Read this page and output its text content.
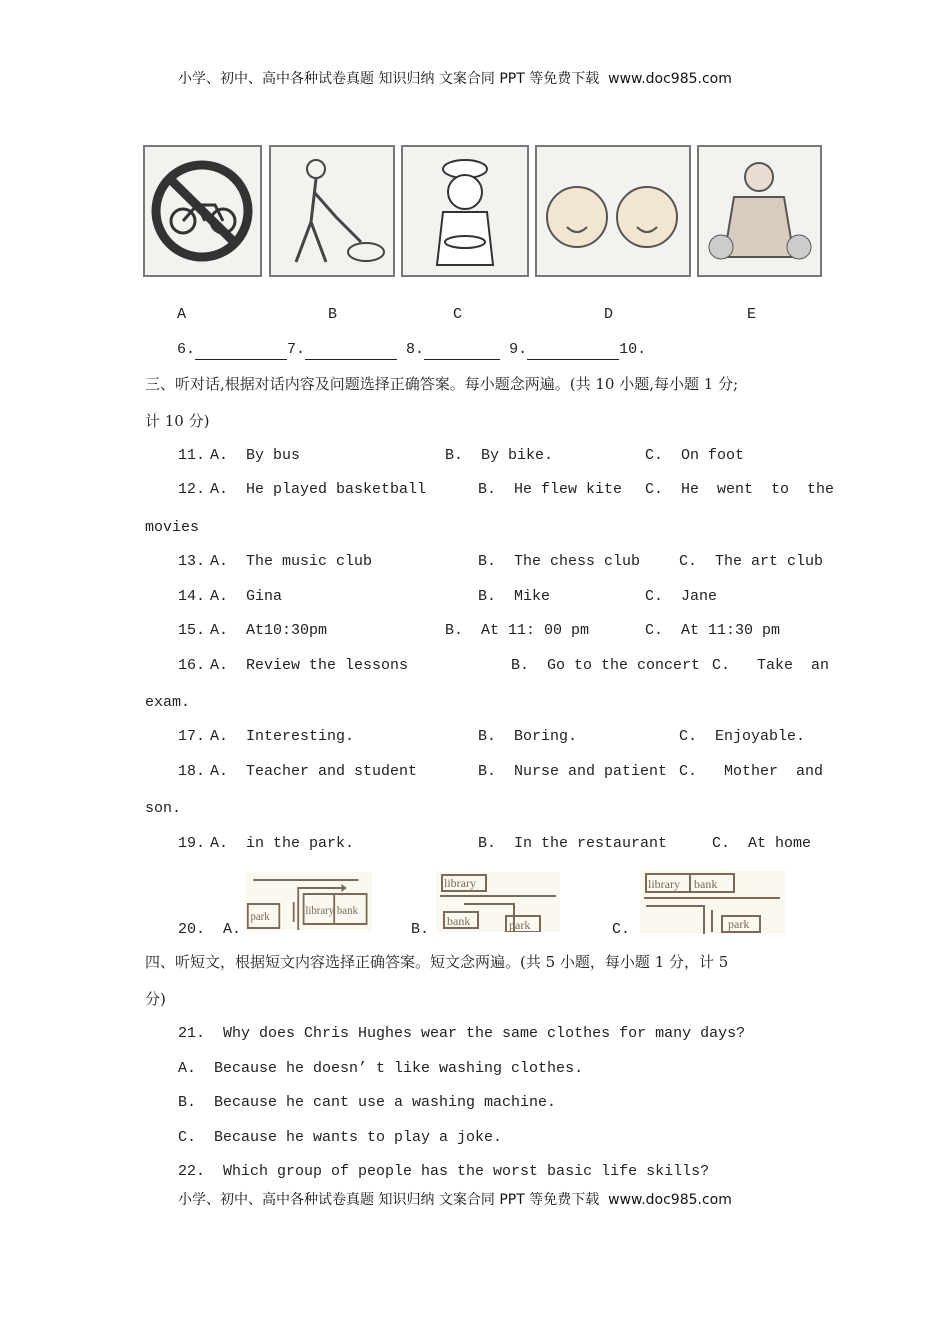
小学、初中、高中各种试卷真题 知识归纳 文案合同 PPT 等免费下载  www.doc985.com
A	B	C	D	E
6.	7.	8.	9.	10.
三、听对话,根据对话内容及问题选择正确答案。每小题念两遍。(共 10 小题,每小题 1 分;
计 10 分)
11. A.  By bus	B.  By bike.	C.  On foot
12. A.  He played basketball	B.  He flew kite C.  He  went  to  the
movies
13. A.  The music club	B.  The chess club	C.  The art club
14. A.  Gina	B.  Mike	C.  Jane
15. A.  At10:30pm	B.  At 11: 00 pm	C.  At 11:30 pm
16. A.  Review the lessons	B.  Go to the concert C.   Take  an
exam.
17. A.  Interesting.	B.  Boring.	C.  Enjoyable.
18. A.  Teacher and student	B.  Nurse and patient C.   Mother  and
son.
19. A.  in the park.	B.  In the restaurant	C.  At home
20.  A.
park	library bank
B.
library
bank	park	C.
library bank
park
四、听短文，根据短文内容选择正确答案。短文念两遍。(共 5 小题，每小题 1 分，计 5
分)
21.  Why does Chris Hughes wear the same clothes for many days?
A.  Because he doesn’ t like washing clothes.
B.  Because he cant use a washing machine.
C.  Because he wants to play a joke.
22.  Which group of people has the worst basic life skills?
小学、初中、高中各种试卷真题 知识归纳 文案合同 PPT 等免费下载  www.doc985.com
